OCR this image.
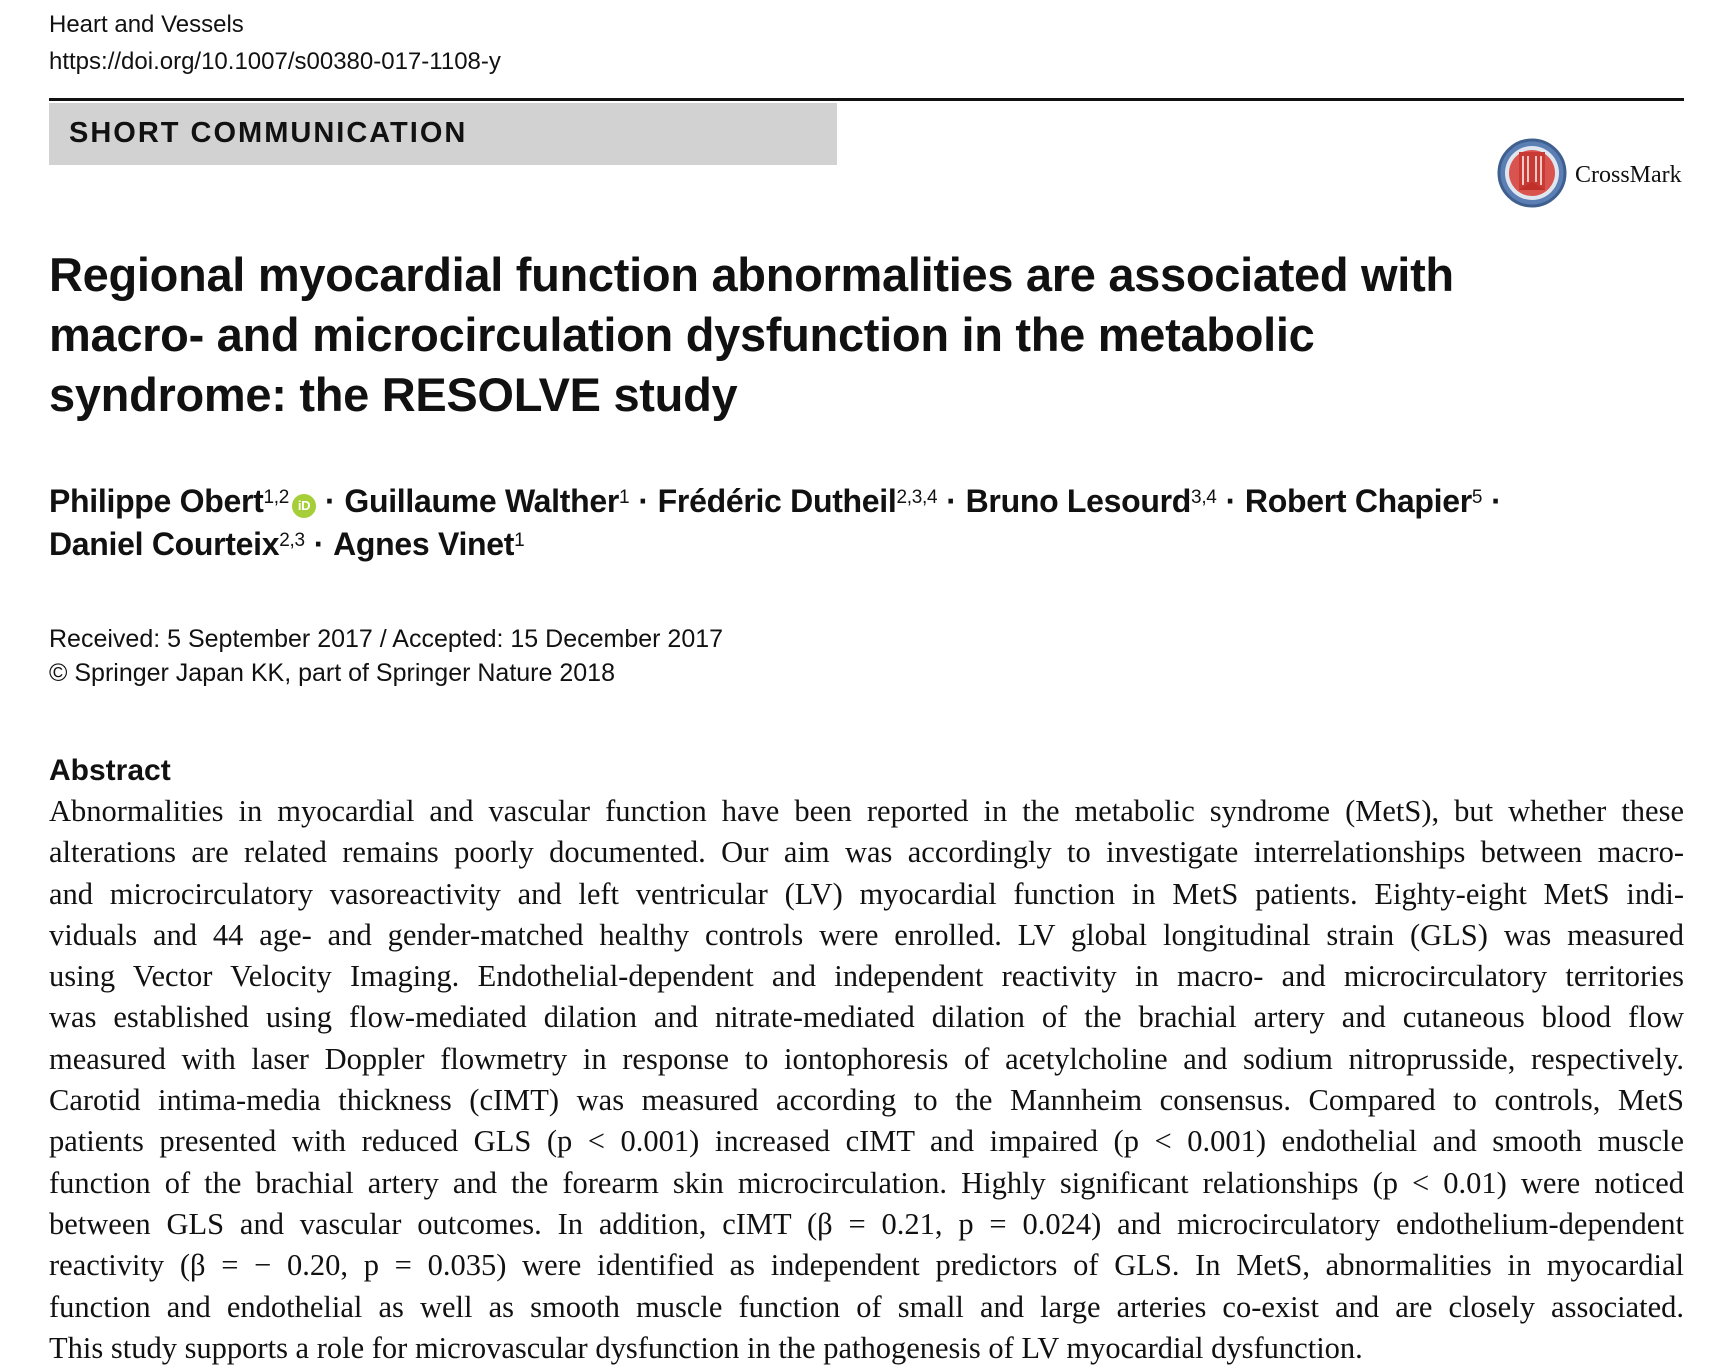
Heart and Vessels
https://doi.org/10.1007/s00380-017-1108-y
SHORT COMMUNICATION
CrossMark
Regional myocardial function abnormalities are associated with macro- and microcirculation dysfunction in the metabolic syndrome: the RESOLVE study
Philippe Obert$^{1,2}$ iD · Guillaume Walther$^1$ · Frédéric Dutheil$^{2,3,4}$ · Bruno Lesourd$^{3,4}$ · Robert Chapier$^5$ ·
Daniel Courteix$^{2,3}$ · Agnes Vinet$^1$
Received: 5 September 2017 / Accepted: 15 December 2017
© Springer Japan KK, part of Springer Nature 2018
Abstract
Abnormalities in myocardial and vascular function have been reported in the metabolic syndrome (MetS), but whether these
alterations are related remains poorly documented. Our aim was accordingly to investigate interrelationships between macro-
and microcirculatory vasoreactivity and left ventricular (LV) myocardial function in MetS patients. Eighty-eight MetS indi-
viduals and 44 age- and gender-matched healthy controls were enrolled. LV global longitudinal strain (GLS) was measured
using Vector Velocity Imaging. Endothelial-dependent and independent reactivity in macro- and microcirculatory territories
was established using flow-mediated dilation and nitrate-mediated dilation of the brachial artery and cutaneous blood flow
measured with laser Doppler flowmetry in response to iontophoresis of acetylcholine and sodium nitroprusside, respectively.
Carotid intima-media thickness (cIMT) was measured according to the Mannheim consensus. Compared to controls, MetS
patients presented with reduced GLS (p < 0.001) increased cIMT and impaired (p < 0.001) endothelial and smooth muscle
function of the brachial artery and the forearm skin microcirculation. Highly significant relationships (p < 0.01) were noticed
between GLS and vascular outcomes. In addition, cIMT (β = 0.21, p = 0.024) and microcirculatory endothelium-dependent
reactivity (β = − 0.20, p = 0.035) were identified as independent predictors of GLS. In MetS, abnormalities in myocardial
function and endothelial as well as smooth muscle function of small and large arteries co-exist and are closely associated.
This study supports a role for microvascular dysfunction in the pathogenesis of LV myocardial dysfunction.
